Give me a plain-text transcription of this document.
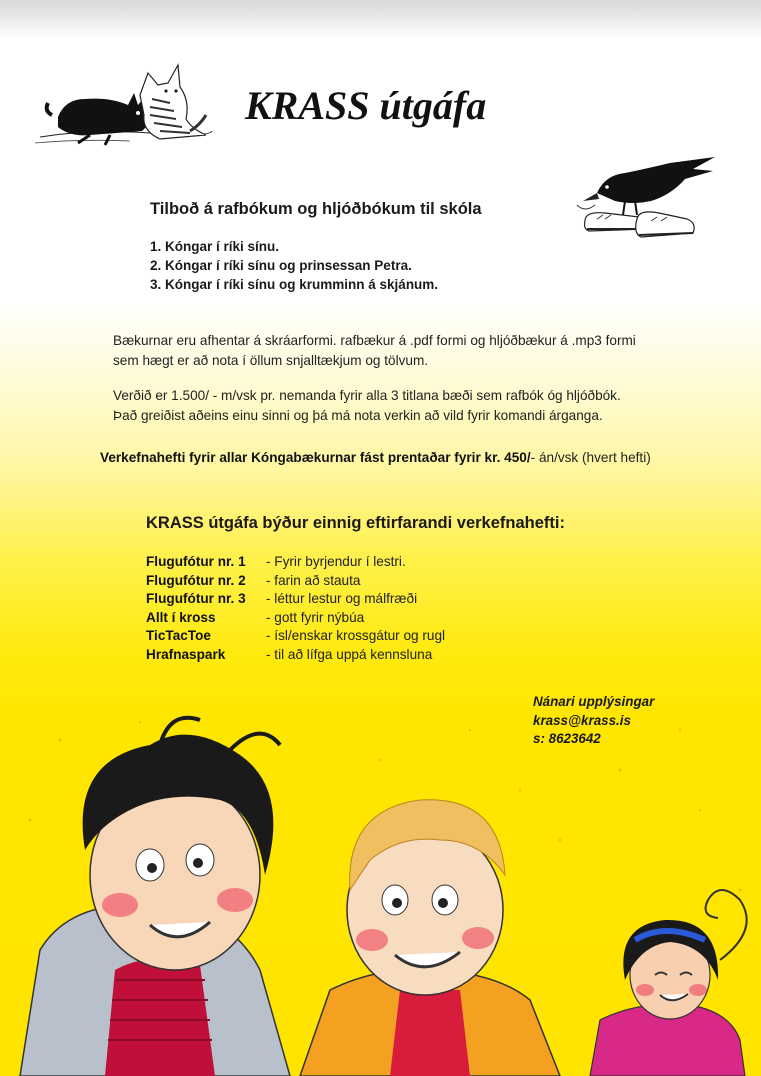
KRASS útgáfa
Tilboð á rafbókum og hljóðbókum til skóla
1. Kóngar í ríki sínu.
2. Kóngar í ríki sínu og prinsessan Petra.
3. Kóngar í ríki sínu og krumminn á skjánum.

Bækurnar eru afhentar á skráarformi. rafbækur á .pdf formi og hljóðbækur á .mp3 formi
sem hægt er að nota í öllum snjalltækjum og tölvum.

Verðið er 1.500/ - m/vsk pr. nemanda fyrir alla 3 titlana bæði sem rafbók óg hljóðbók.
Það greiðist aðeins einu sinni og þá má nota verkin að vild fyrir komandi árganga.

Verkefnahefti fyrir allar Kóngabækurnar fást prentaðar fyrir kr. 450/- án/vsk (hvert hefti)

KRASS útgáfa býður einnig eftirfarandi verkefnahefti:
Flugufótur nr. 1	- Fyrir byrjendur í lestri.
Flugufótur nr. 2	- farin að stauta
Flugufótur nr. 3	- léttur lestur og málfræði
Allt í kross	- gott fyrir nýbúa
TicTacToe	- ísl/enskar krossgátur og rugl
Hrafnaspark	- til að lífga uppá kennsluna
Nánari upplýsingar
krass@krass.is
s: 8623642
